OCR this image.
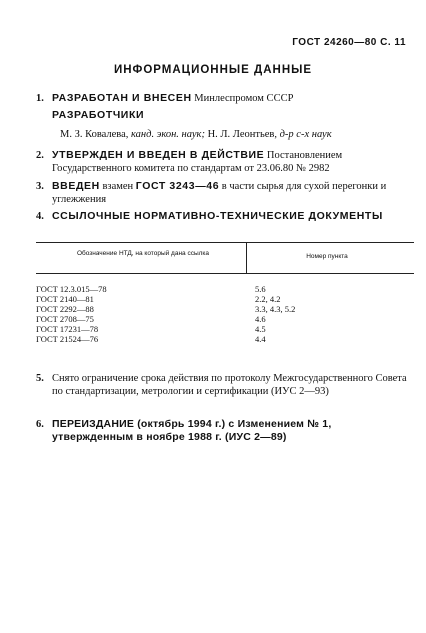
ГОСТ 24260—80 С. 11
ИНФОРМАЦИОННЫЕ ДАННЫЕ
1. РАЗРАБОТАН И ВНЕСЕН Минлеспромом СССР
РАЗРАБОТЧИКИ
М. З. Ковалева, канд. экон. наук; Н. Л. Леонтьев, д-р с-х наук
2. УТВЕРЖДЕН И ВВЕДЕН В ДЕЙСТВИЕ Постановлением Государственного комитета по стандартам от 23.06.80 № 2982
3. ВВЕДЕН взамен ГОСТ 3243—46 в части сырья для сухой перегонки и углежжения
4. ССЫЛОЧНЫЕ НОРМАТИВНО-ТЕХНИЧЕСКИЕ ДОКУМЕНТЫ
Обозначение НТД, на который дана ссылка	Номер пункта
ГОСТ 12.3.015—78	5.6
ГОСТ 2140—81	2.2, 4.2
ГОСТ 2292—88	3.3, 4.3, 5.2
ГОСТ 2708—75	4.6
ГОСТ 17231—78	4.5
ГОСТ 21524—76	4.4
5. Снято ограничение срока действия по протоколу Межгосударственного Совета по стандартизации, метрологии и сертификации (ИУС 2—93)
6. ПЕРЕИЗДАНИЕ (октябрь 1994 г.) с Изменением № 1, утвержденным в ноябре 1988 г. (ИУС 2—89)
